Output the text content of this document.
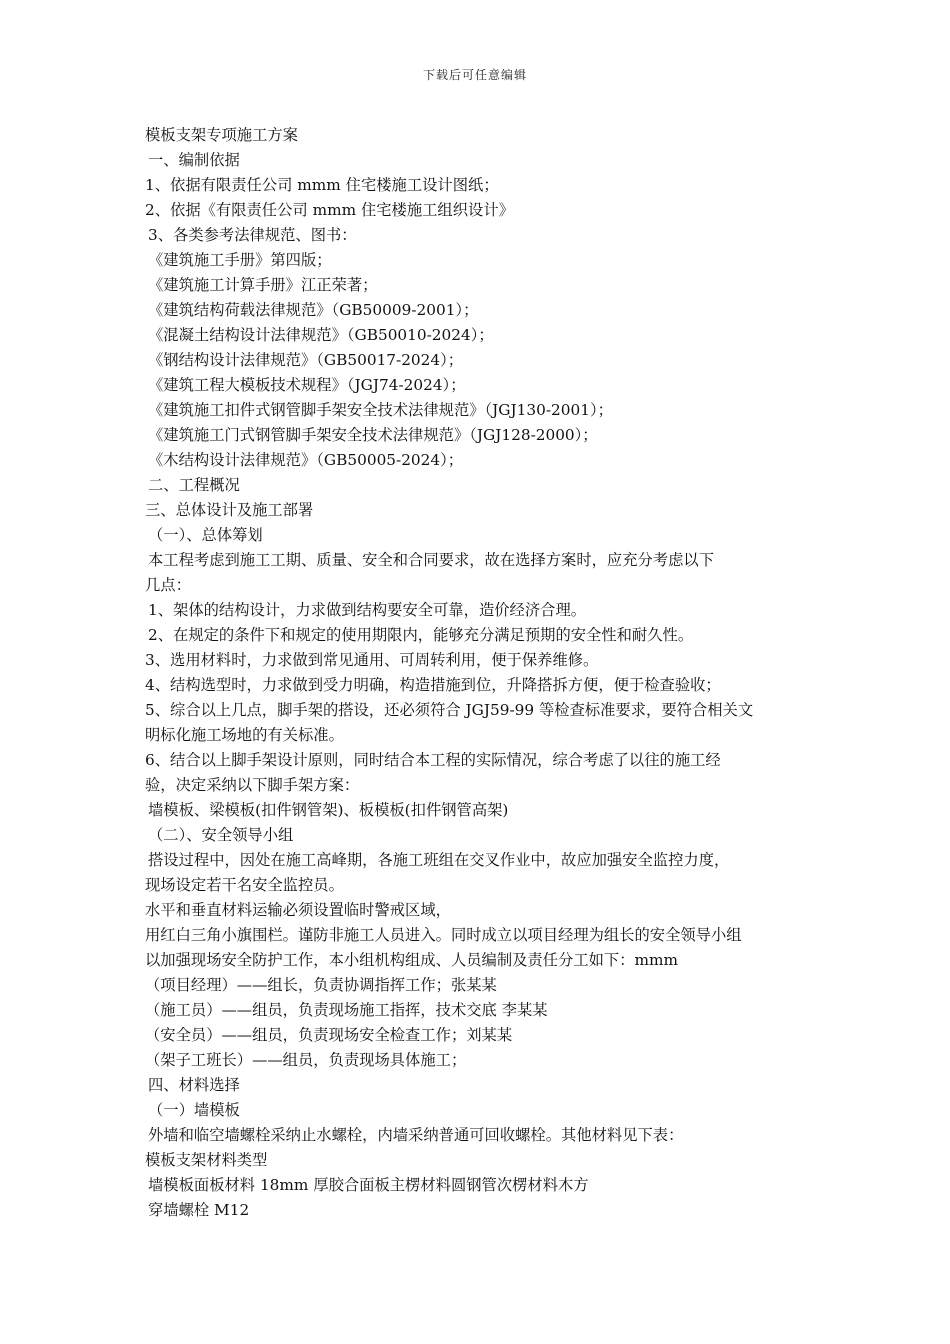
下载后可任意编辑
模板支架专项施工方案
一、编制依据
1、依据有限责任公司 mmm 住宅楼施工设计图纸；
2、依据《有限责任公司 mmm 住宅楼施工组织设计》
3、各类参考法律规范、图书：
《建筑施工手册》第四版；
《建筑施工计算手册》江正荣著；
《建筑结构荷载法律规范》（GB50009-2001）；
《混凝土结构设计法律规范》（GB50010-2024）；
《钢结构设计法律规范》（GB50017-2024）；
《建筑工程大模板技术规程》（JGJ74-2024）；
《建筑施工扣件式钢管脚手架安全技术法律规范》（JGJ130-2001）；
《建筑施工门式钢管脚手架安全技术法律规范》（JGJ128-2000）；
《木结构设计法律规范》（GB50005-2024）；
二、工程概况
三、总体设计及施工部署
（一）、总体筹划
本工程考虑到施工工期、质量、安全和合同要求，故在选择方案时，应充分考虑以下
几点：
1、架体的结构设计，力求做到结构要安全可靠，造价经济合理。
2、在规定的条件下和规定的使用期限内，能够充分满足预期的安全性和耐久性。
3、选用材料时，力求做到常见通用、可周转利用，便于保养维修。
4、结构选型时，力求做到受力明确，构造措施到位，升降搭拆方便，便于检查验收；
5、综合以上几点，脚手架的搭设，还必须符合 JGJ59-99 等检查标准要求，要符合相关文
明标化施工场地的有关标准。
6、结合以上脚手架设计原则，同时结合本工程的实际情况，综合考虑了以往的施工经
验，决定采纳以下脚手架方案：
墙模板、梁模板(扣件钢管架)、板模板(扣件钢管高架)
（二）、安全领导小组
搭设过程中，因处在施工高峰期，各施工班组在交叉作业中，故应加强安全监控力度，
现场设定若干名安全监控员。
水平和垂直材料运输必须设置临时警戒区域，
用红白三角小旗围栏。谨防非施工人员进入。同时成立以项目经理为组长的安全领导小组
以加强现场安全防护工作，本小组机构组成、人员编制及责任分工如下：mmm
（项目经理）——组长，负责协调指挥工作；张某某
（施工员）——组员，负责现场施工指挥，技术交底 李某某
（安全员）——组员，负责现场安全检查工作；刘某某
（架子工班长）——组员，负责现场具体施工；
四、材料选择
（一）墙模板
外墙和临空墙螺栓采纳止水螺栓，内墙采纳普通可回收螺栓。其他材料见下表：
模板支架材料类型
墙模板面板材料 18mm 厚胶合面板主楞材料圆钢管次楞材料木方
穿墙螺栓 M12
